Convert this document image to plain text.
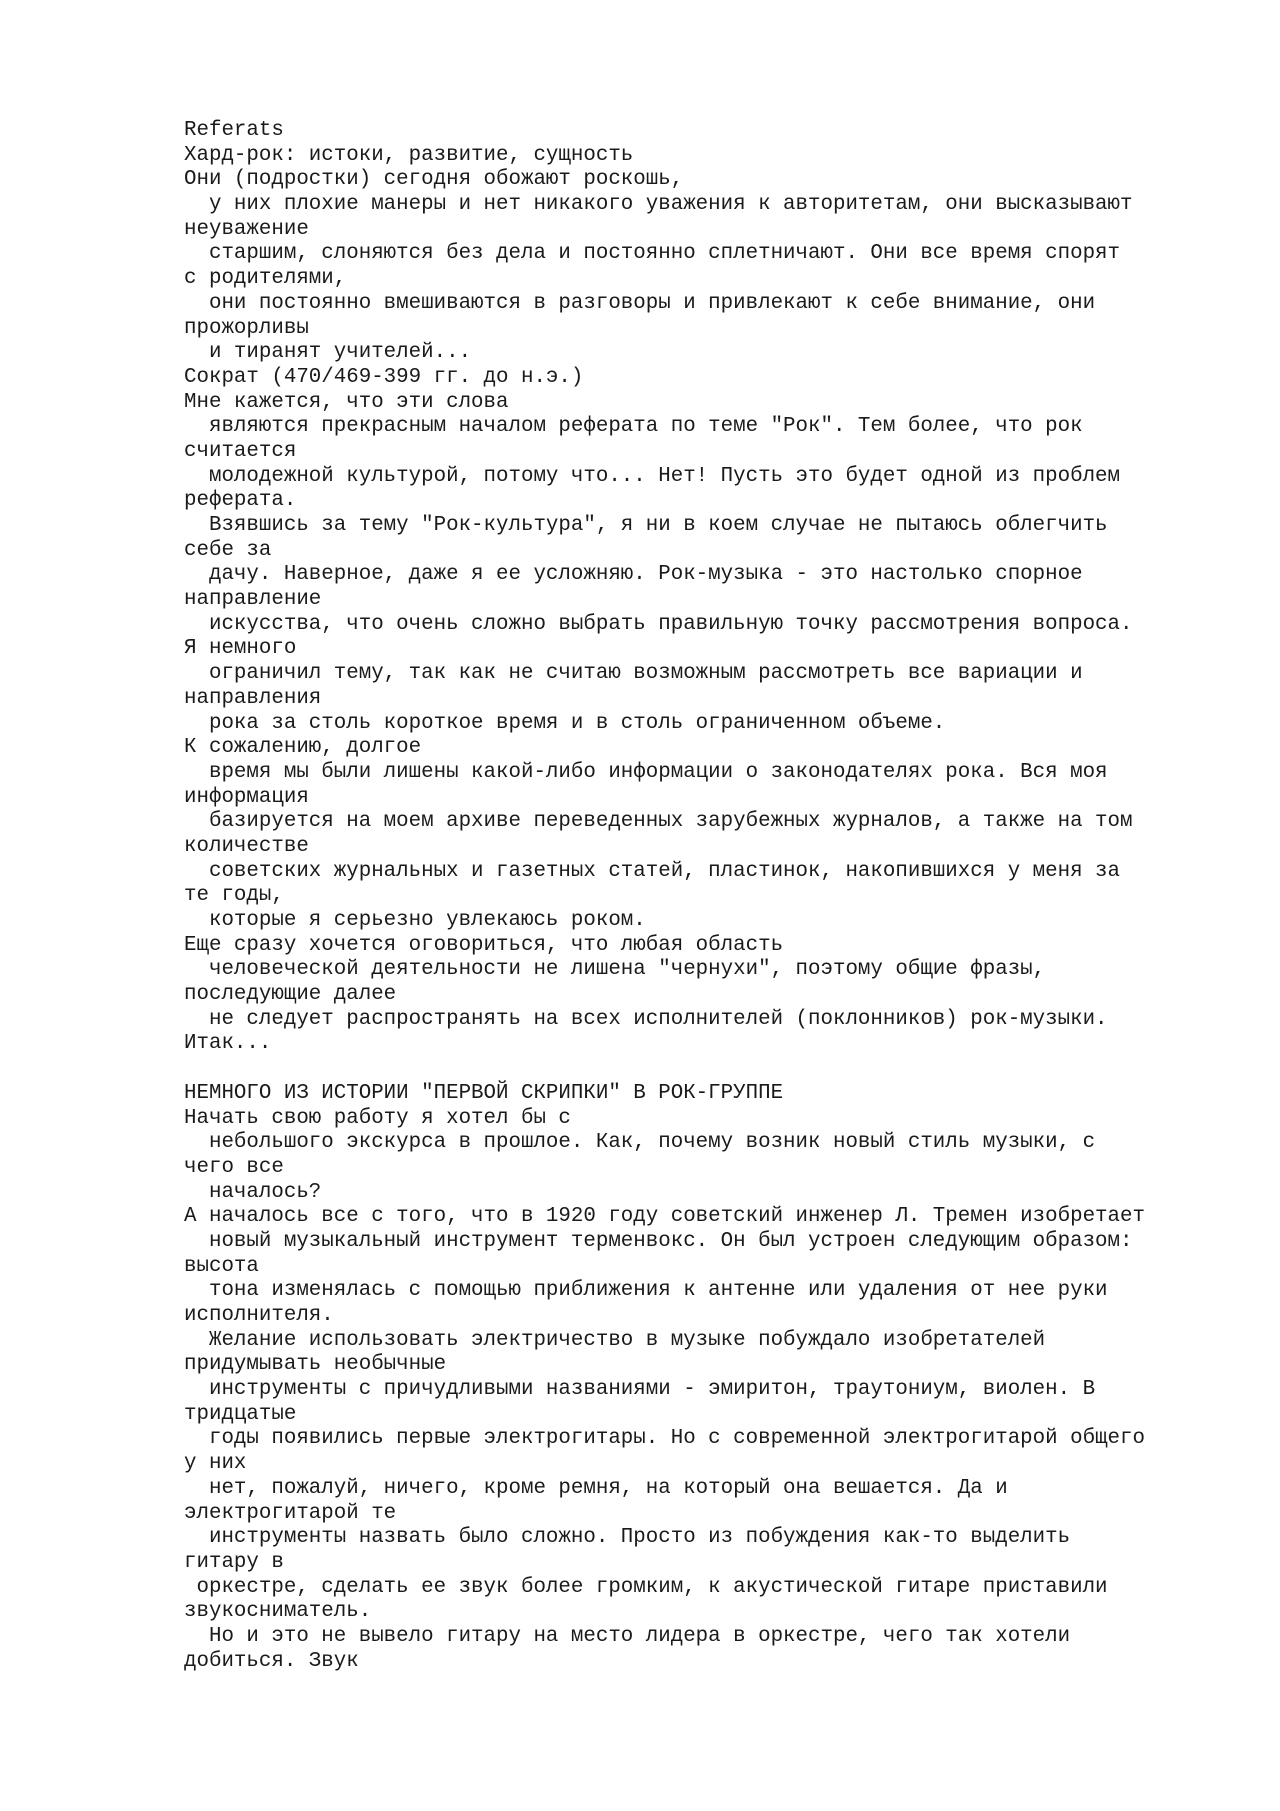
Referats
Хард-рок: истоки, развитие, сущность
Они (подростки) сегодня обожают роскошь,
у них плохие манеры и нет никакого уважения к авторитетам, они высказывают
неуважение
старшим, слоняются без дела и постоянно сплетничают. Они все время спорят
с родителями,
они постоянно вмешиваются в разговоры и привлекают к себе внимание, они
прожорливы
и тиранят учителей...
Сократ (470/469-399 гг. до н.э.)
Мне кажется, что эти слова
являются прекрасным началом реферата по теме "Рок". Тем более, что рок
считается
молодежной культурой, потому что... Нет! Пусть это будет одной из проблем
реферата.
Взявшись за тему "Рок-культура", я ни в коем случае не пытаюсь облегчить
себе за
дачу. Наверное, даже я ее усложняю. Рок-музыка - это настолько спорное
направление
искусства, что очень сложно выбрать правильную точку рассмотрения вопроса.
Я немного
ограничил тему, так как не считаю возможным рассмотреть все вариации и
направления
рока за столь короткое время и в столь ограниченном объеме.
К сожалению, долгое
время мы были лишены какой-либо информации о законодателях рока. Вся моя
информация
базируется на моем архиве переведенных зарубежных журналов, а также на том
количестве
советских журнальных и газетных статей, пластинок, накопившихся у меня за
те годы,
которые я серьезно увлекаюсь роком.
Еще сразу хочется оговориться, что любая область
человеческой деятельности не лишена "чернухи", поэтому общие фразы,
последующие далее
не следует распространять на всех исполнителей (поклонников) рок-музыки.
Итак...
НЕМНОГО ИЗ ИСТОРИИ "ПЕРВОЙ СКРИПКИ" В РОК-ГРУППЕ
Начать свою работу я хотел бы с
небольшого экскурса в прошлое. Как, почему возник новый стиль музыки, с
чего все
началось?
А началось все с того, что в 1920 году советский инженер Л. Тремен изобретает
новый музыкальный инструмент терменвокс. Он был устроен следующим образом:
высота
тона изменялась с помощью приближения к антенне или удаления от нее руки
исполнителя.
Желание использовать электричество в музыке побуждало изобретателей
придумывать необычные
инструменты с причудливыми названиями - эмиритон, траутониум, виолен. В
тридцатые
годы появились первые электрогитары. Но с современной электрогитарой общего
у них
нет, пожалуй, ничего, кроме ремня, на который она вешается. Да и
электрогитарой те
инструменты назвать было сложно. Просто из побуждения как-то выделить
гитару в
оркестре, сделать ее звук более громким, к акустической гитаре приставили
звукосниматель.
Но и это не вывело гитару на место лидера в оркестре, чего так хотели
добиться. Звук
